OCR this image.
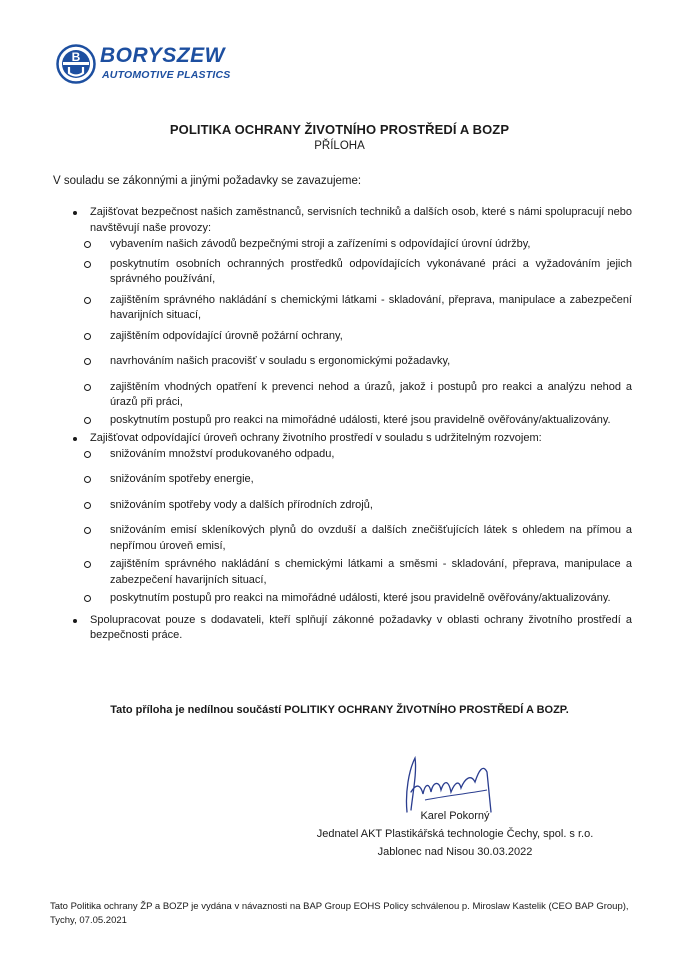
B BORYSZEW
AUTOMOTIVE PLASTICS
POLITIKA OCHRANY ŽIVOTNÍHO PROSTŘEDÍ A BOZP
PŘÍLOHA
V souladu se zákonnými a jinými požadavky se zavazujeme:
Zajišťovat bezpečnost našich zaměstnanců, servisních techniků a dalších osob, které s námi spolupracují nebo navštěvují naše provozy:
vybavením našich závodů bezpečnými stroji a zařízeními s odpovídající úrovní údržby,
poskytnutím osobních ochranných prostředků odpovídajících vykonávané práci a vyžadováním jejich správného používání,
zajištěním správného nakládání s chemickými látkami - skladování, přeprava, manipulace a zabezpečení havarijních situací,
zajištěním odpovídající úrovně požární ochrany,
navrhováním našich pracovišť v souladu s ergonomickými požadavky,
zajištěním vhodných opatření k prevenci nehod a úrazů, jakož i postupů pro reakci a analýzu nehod a úrazů při práci,
poskytnutím postupů pro reakci na mimořádné události, které jsou pravidelně ověřovány/aktualizovány.
Zajišťovat odpovídající úroveň ochrany životního prostředí v souladu s udržitelným rozvojem:
snižováním množství produkovaného odpadu,
snižováním spotřeby energie,
snižováním spotřeby vody a dalších přírodních zdrojů,
snižováním emisí skleníkových plynů do ovzduší a dalších znečišťujících látek s ohledem na přímou a nepřímou úroveň emisí,
zajištěním správného nakládání s chemickými látkami a směsmi - skladování, přeprava, manipulace a zabezpečení havarijních situací,
poskytnutím postupů pro reakci na mimořádné události, které jsou pravidelně ověřovány/aktualizovány.
Spolupracovat pouze s dodavateli, kteří splňují zákonné požadavky v oblasti ochrany životního prostředí a bezpečnosti práce.
Tato příloha je nedílnou součástí POLITIKY OCHRANY ŽIVOTNÍHO PROSTŘEDÍ A BOZP.
Karel Pokorný
Jednatel AKT Plastikářská technologie Čechy, spol. s r.o.
Jablonec nad Nisou 30.03.2022
Tato Politika ochrany ŽP a BOZP je vydána v návaznosti na BAP Group EOHS Policy schválenou p. Miroslaw Kastelik (CEO BAP Group), Tychy, 07.05.2021
